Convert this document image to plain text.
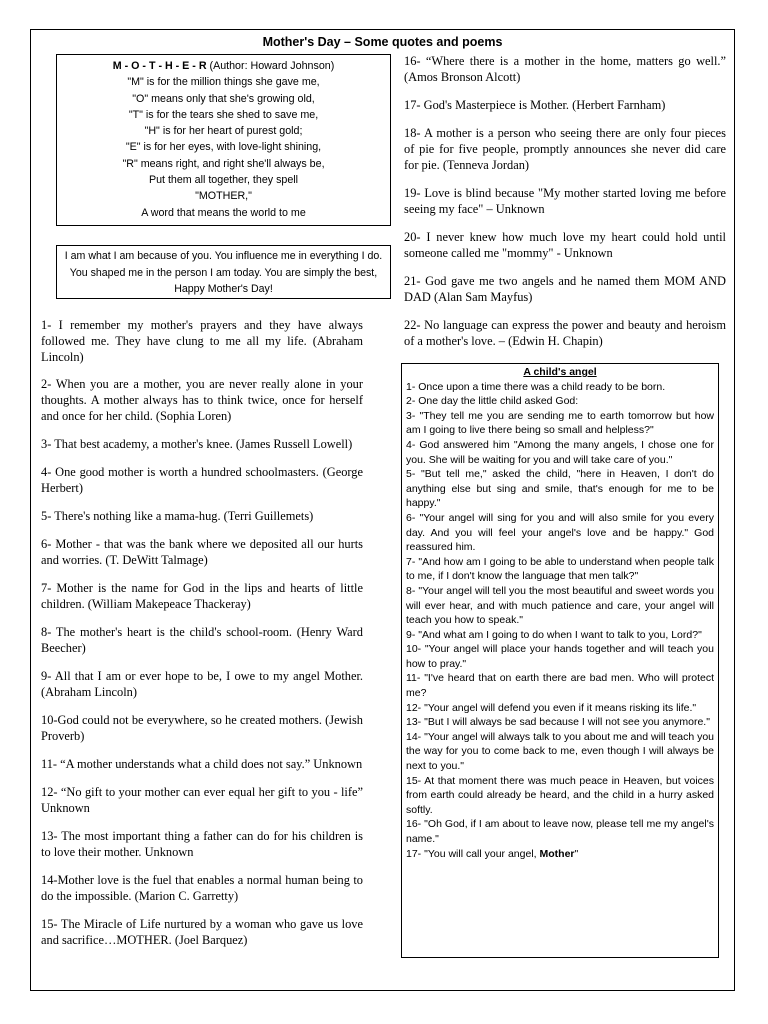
Mother's Day – Some quotes and poems
M - O - T - H - E - R (Author: Howard Johnson)
"M" is for the million things she gave me,
"O" means only that she's growing old,
"T" is for the tears she shed to save me,
"H" is for her heart of purest gold;
"E" is for her eyes, with love-light shining,
"R" means right, and right she'll always be,
Put them all together, they spell
"MOTHER,"
A word that means the world to me
I am what I am because of you. You influence me in everything I do. You shaped me in the person I am today. You are simply the best, Happy Mother's Day!

1- I remember my mother's prayers and they have always followed me. They have clung to me all my life. (Abraham Lincoln)

2- When you are a mother, you are never really alone in your thoughts. A mother always has to think twice, once for herself and once for her child. (Sophia Loren)

3- That best academy, a mother's knee. (James Russell Lowell)

4- One good mother is worth a hundred schoolmasters. (George Herbert)

5- There's nothing like a mama-hug. (Terri Guillemets)

6- Mother - that was the bank where we deposited all our hurts and worries. (T. DeWitt Talmage)

7- Mother is the name for God in the lips and hearts of little children. (William Makepeace Thackeray)

8- The mother's heart is the child's school-room. (Henry Ward Beecher)

9- All that I am or ever hope to be, I owe to my angel Mother. (Abraham Lincoln)

10-God could not be everywhere, so he created mothers. (Jewish Proverb)

11- “A mother understands what a child does not say.” Unknown

12- “No gift to your mother can ever equal her gift to you - life” Unknown

13- The most important thing a father can do for his children is to love their mother. Unknown

14-Mother love is the fuel that enables a normal human being to do the impossible. (Marion C. Garretty)

15- The Miracle of Life nurtured by a woman who gave us love and sacrifice…MOTHER. (Joel Barquez)

16- “Where there is a mother in the home, matters go well.” (Amos Bronson Alcott)

17- God's Masterpiece is Mother. (Herbert Farnham)

18- A mother is a person who seeing there are only four pieces of pie for five people, promptly announces she never did care for pie. (Tenneva Jordan)

19- Love is blind because "My mother started loving me before seeing my face" – Unknown

20- I never knew how much love my heart could hold until someone called me "mommy" - Unknown

21- God gave me two angels and he named them MOM AND DAD (Alan Sam Mayfus)

22- No language can express the power and beauty and heroism of a mother's love. – (Edwin H. Chapin)

A child's angel

1- Once upon a time there was a child ready to be born.

2- One day the little child asked God:

3- "They tell me you are sending me to earth tomorrow but how am I going to live there being so small and helpless?"

4- God answered him "Among the many angels, I chose one for you. She will be waiting for you and will take care of you."

5- "But tell me," asked the child, "here in Heaven, I don't do anything else but sing and smile, that's enough for me to be happy."

6- "Your angel will sing for you and will also smile for you every day. And you will feel your angel's love and be happy." God reassured him.

7- "And how am I going to be able to understand when people talk to me, if I don't know the language that men talk?"

8- "Your angel will tell you the most beautiful and sweet words you will ever hear, and with much patience and care, your angel will teach you how to speak."

9- "And what am I going to do when I want to talk to you, Lord?"

10- "Your angel will place your hands together and will teach you how to pray."

11- "I've heard that on earth there are bad men. Who will protect me?

12- "Your angel will defend you even if it means risking its life."

13- "But I will always be sad because I will not see you anymore."

14- "Your angel will always talk to you about me and will teach you the way for you to come back to me, even though I will always be next to you."

15- At that moment there was much peace in Heaven, but voices from earth could already be heard, and the child in a hurry asked softly.

16- "Oh God, if I am about to leave now, please tell me my angel's name."

17- "You will call your angel, Mother"
